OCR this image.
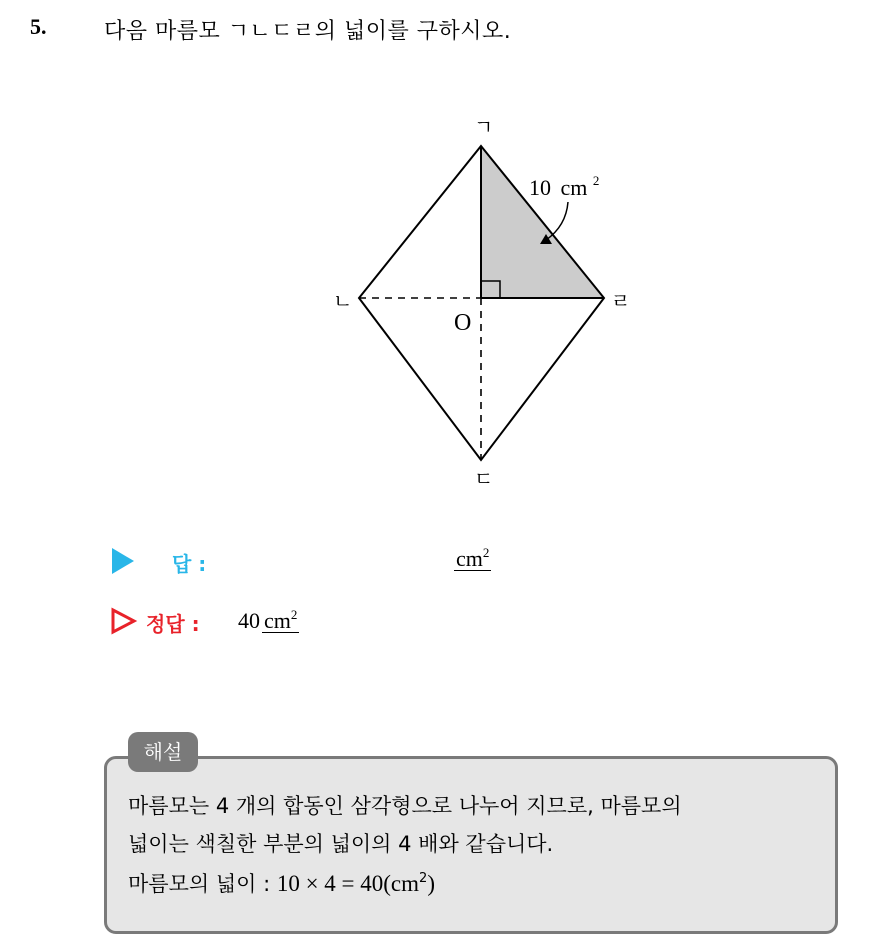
5.	다음 마름모 ㄱㄴㄷㄹ의 넓이를 구하시오.
ㄱ
ㄴ	ㄹ
ㄷ
O
10 cm $^2$
답 :	$cm^2$
정답 : 40 $cm^2$
해설
마름모는 4 개의 합동인 삼각형으로 나누어 지므로, 마름모의
넓이는 색칠한 부분의 넓이의 4 배와 같습니다.
마름모의 넓이 : $10 \times 4 = 40(cm^2)$
